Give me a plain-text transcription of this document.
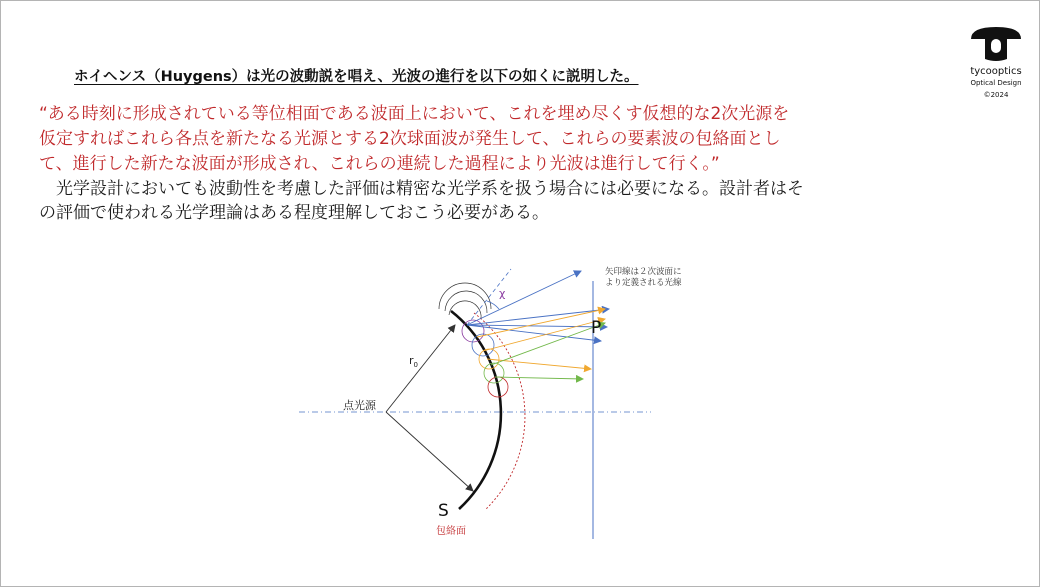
ホイヘンス（Huygens）は光の波動説を唱え、光波の進行を以下の如くに説明した。
“ある時刻に形成されている等位相面である波面上において、これを埋め尽くす仮想的な2次光源を
仮定すればこれら各点を新たなる光源とする2次球面波が発生して、これらの要素波の包絡面とし
て、進行した新たな波面が形成され、これらの連続した過程により光波は進行して行く。”
　光学設計においても波動性を考慮した評価は精密な光学系を扱う場合には必要になる。設計者はそ
の評価で使われる光学理論はある程度理解しておこう必要がある。
tycooptics
Optical Design
©2024
χ
点光源
$r_0$
S
P
包絡面
矢印線は２次波面に
より定義される光線
